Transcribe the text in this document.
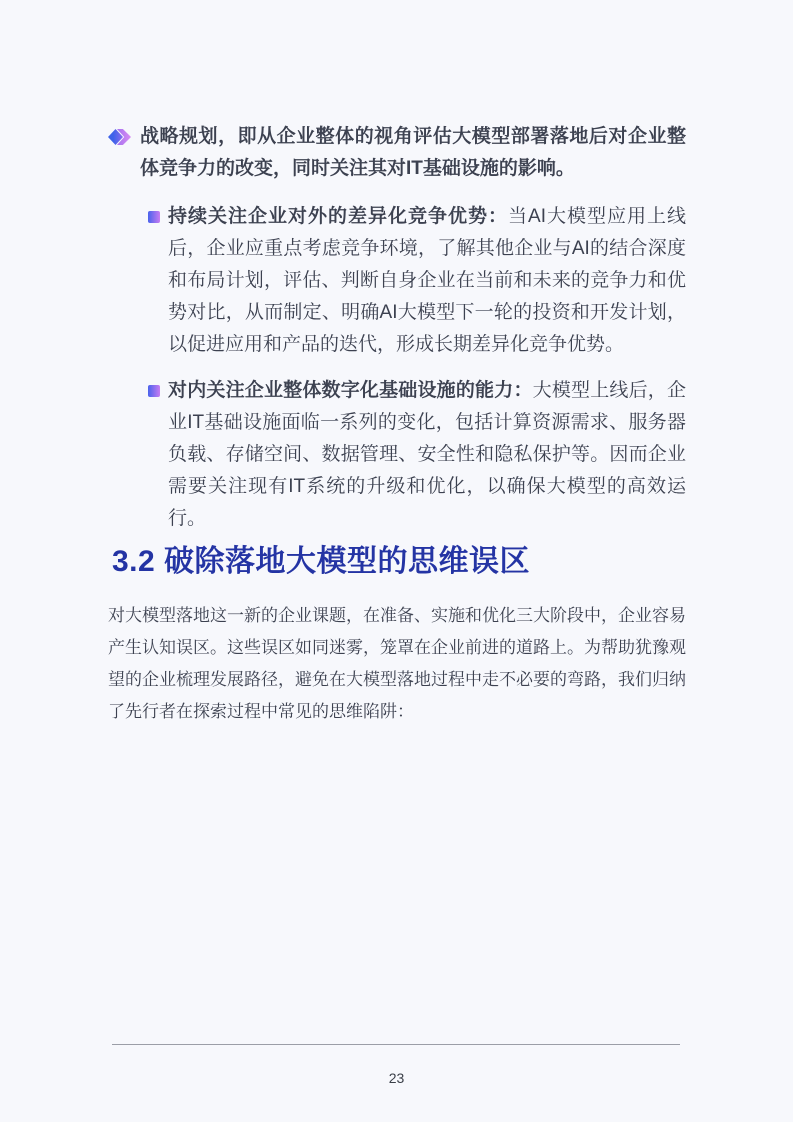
战略规划，即从企业整体的视角评估大模型部署落地后对企业整体竞争力的改变，同时关注其对IT基础设施的影响。

持续关注企业对外的差异化竞争优势：当AI大模型应用上线后，企业应重点考虑竞争环境，了解其他企业与AI的结合深度和布局计划，评估、判断自身企业在当前和未来的竞争力和优势对比，从而制定、明确AI大模型下一轮的投资和开发计划，以促进应用和产品的迭代，形成长期差异化竞争优势。

对内关注企业整体数字化基础设施的能力：大模型上线后，企业IT基础设施面临一系列的变化，包括计算资源需求、服务器负载、存储空间、数据管理、安全性和隐私保护等。因而企业需要关注现有IT系统的升级和优化，以确保大模型的高效运行。

3.2 破除落地大模型的思维误区

对大模型落地这一新的企业课题，在准备、实施和优化三大阶段中，企业容易产生认知误区。这些误区如同迷雾，笼罩在企业前进的道路上。为帮助犹豫观望的企业梳理发展路径，避免在大模型落地过程中走不必要的弯路，我们归纳了先行者在探索过程中常见的思维陷阱：

23
